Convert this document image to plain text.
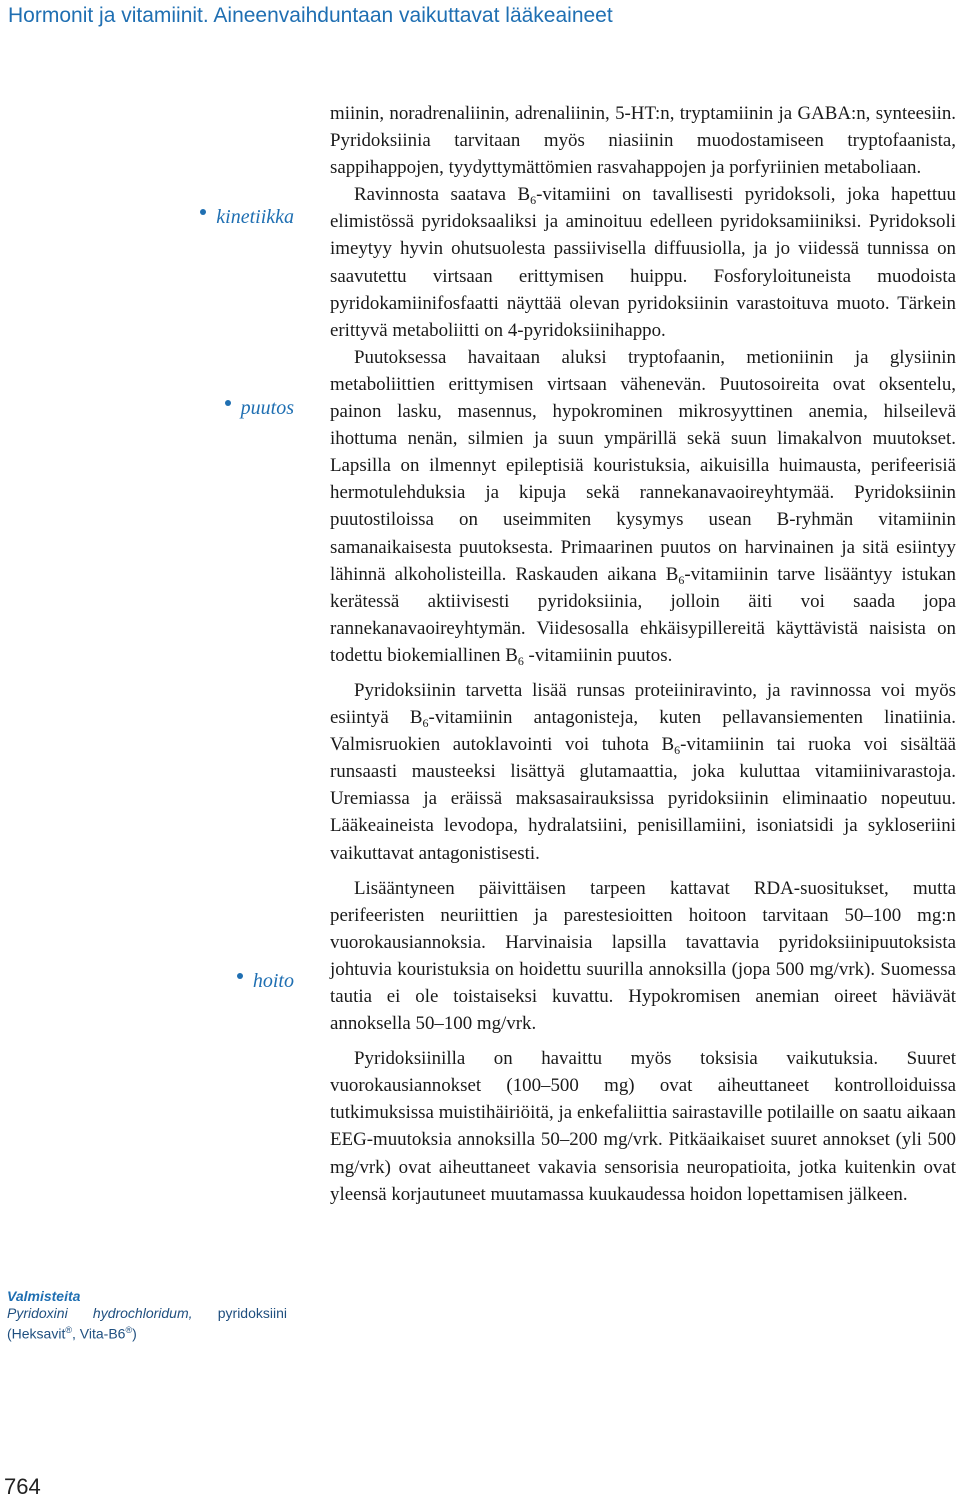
Hormonit ja vitamiinit. Aineenvaihduntaan vaikuttavat lääkeaineet
kinetiikka
puutos
hoito

miinin, noradrenaliinin, adrenaliinin, 5-HT:n, tryptamiinin ja GABA:n, synteesiin. Pyridoksiinia tarvitaan myös niasiinin muodostamiseen tryptofaanista, sappihappojen, tyydyttymättömien rasvahappojen ja porfyriinien metaboliaan.

Ravinnosta saatava $B_6$-vitamiini on tavallisesti pyridoksoli, joka hapettuu elimistössä pyridoksaaliksi ja aminoituu edelleen pyridoksamiiniksi. Pyridoksoli imeytyy hyvin ohutsuolesta passiivisella diffuusiolla, ja jo viidessä tunnissa on saavutettu virtsaan erittymisen huippu. Fosforyloituneista muodoista pyridokamiinifosfaatti näyttää olevan pyridoksiinin varastoituva muoto. Tärkein erittyvä metaboliitti on 4-pyridoksiinihappo.

Puutoksessa havaitaan aluksi tryptofaanin, metioniinin ja glysiinin metaboliittien erittymisen virtsaan vähenevän. Puutosoireita ovat oksentelu, painon lasku, masennus, hypokrominen mikrosyyttinen anemia, hilseilevä ihottuma nenän, silmien ja suun ympärillä sekä suun limakalvon muutokset. Lapsilla on ilmennyt epileptisiä kouristuksia, aikuisilla huimausta, perifeerisiä hermotulehduksia ja kipuja sekä rannekanavaoireyhtymää. Pyridoksiinin puutostiloissa on useimmiten kysymys usean B-ryhmän vitamiinin samanaikaisesta puutoksesta. Primaarinen puutos on harvinainen ja sitä esiintyy lähinnä alkoholisteilla. Raskauden aikana $B_6$-vitamiinin tarve lisääntyy istukan kerätessä aktiivisesti pyridoksiinia, jolloin äiti voi saada jopa rannekanavaoireyhtymän. Viidesosalla ehkäisypillereitä käyttävistä naisista on todettu biokemiallinen $B_6$ -vitamiinin puutos.

Pyridoksiinin tarvetta lisää runsas proteiiniravinto, ja ravinnossa voi myös esiintyä $B_6$-vitamiinin antagonisteja, kuten pellavansiementen linatiinia. Valmisruokien autoklavointi voi tuhota $B_6$-vitamiinin tai ruoka voi sisältää runsaasti mausteeksi lisättyä glutamaattia, joka kuluttaa vitamiinivarastoja. Uremiassa ja eräissä maksasairauksissa pyridoksiinin eliminaatio nopeutuu. Lääkeaineista levodopa, hydralatsiini, penisillamiini, isoniatsidi ja sykloseriini vaikuttavat antagonistisesti.

Lisääntyneen päivittäisen tarpeen kattavat RDA-suositukset, mutta perifeeristen neuriittien ja parestesioitten hoitoon tarvitaan 50–100 mg:n vuorokausiannoksia. Harvinaisia lapsilla tavattavia pyridoksiinipuutoksista johtuvia kouristuksia on hoidettu suurilla annoksilla (jopa 500 mg/vrk). Suomessa tautia ei ole toistaiseksi kuvattu. Hypokromisen anemian oireet häviävät annoksella 50–100 mg/vrk.

Pyridoksiinilla on havaittu myös toksisia vaikutuksia. Suuret vuorokausiannokset (100–500 mg) ovat aiheuttaneet kontrolloiduissa tutkimuksissa muistihäiriöitä, ja enkefaliittia sairastaville potilaille on saatu aikaan EEG-muutoksia annoksilla 50–200 mg/vrk. Pitkäaikaiset suuret annokset (yli 500 mg/vrk) ovat aiheuttaneet vakavia sensorisia neuropatioita, jotka kuitenkin ovat yleensä korjautuneet muutamassa kuukaudessa hoidon lopettamisen jälkeen.

Valmisteita
Pyridoxini hydrochloridum, pyridoksiini
(Heksavit®, Vita-B6®)
764
